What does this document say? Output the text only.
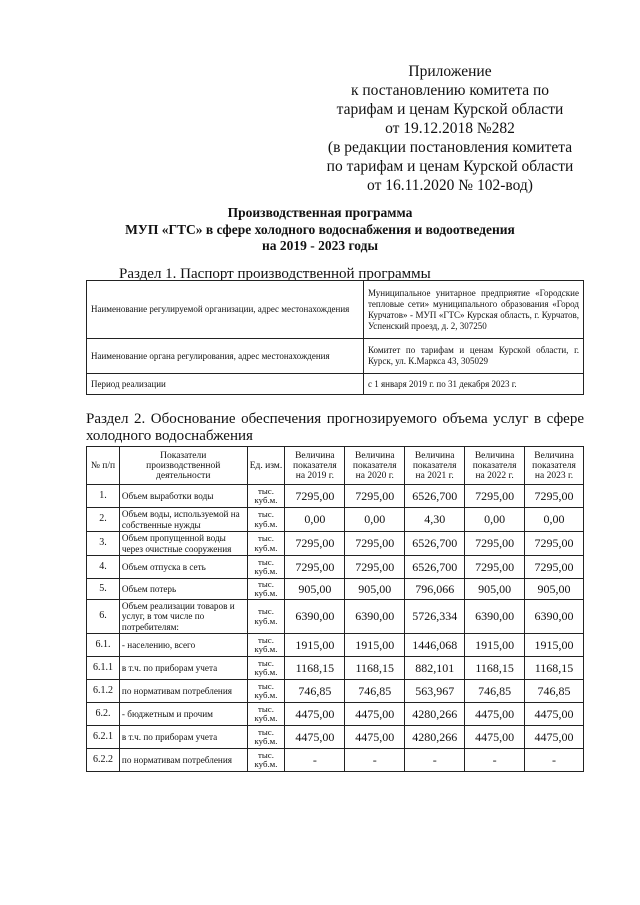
Приложение
к постановлению комитета по
тарифам и ценам Курской области
от 19.12.2018 №282
(в редакции постановления комитета
по тарифам и ценам Курской области
от 16.11.2020 № 102-вод)
Производственная программа
МУП «ГТС» в сфере холодного водоснабжения и водоотведения
на 2019 - 2023 годы
Раздел 1. Паспорт производственной программы
Наименование регулируемой организации, адрес местонахождения	Муниципальное унитарное предприятие «Городские тепловые сети» муниципального образования «Город Курчатов» - МУП «ГТС» Курская область, г. Курчатов, Успенский проезд, д. 2, 307250
Наименование органа регулирования, адрес местонахождения	Комитет по тарифам и ценам Курской области, г. Курск, ул. К.Маркса 43, 305029
Период реализации	с 1 января 2019 г. по 31 декабря 2023 г.
Раздел 2. Обоснование обеспечения прогнозируемого объема услуг в сфере холодного водоснабжения
№ п/п	Показатели производственной деятельности	Ед. изм.	Величина показателя на 2019 г.	Величина показателя на 2020 г.	Величина показателя на 2021 г.	Величина показателя на 2022 г.	Величина показателя на 2023 г.
1.	Объем выработки воды	тыс. куб.м.	7295,00	7295,00	6526,700	7295,00	7295,00
2.	Объем воды, используемой на собственные нужды	тыс. куб.м.	0,00	0,00	4,30	0,00	0,00
3.	Объем пропущенной воды через очистные сооружения	тыс. куб.м.	7295,00	7295,00	6526,700	7295,00	7295,00
4.	Объем отпуска в сеть	тыс. куб.м.	7295,00	7295,00	6526,700	7295,00	7295,00
5.	Объем потерь	тыс. куб.м.	905,00	905,00	796,066	905,00	905,00
6.	Объем реализации товаров и услуг, в том числе по потребителям:	тыс. куб.м.	6390,00	6390,00	5726,334	6390,00	6390,00
6.1.	- населению, всего	тыс. куб.м.	1915,00	1915,00	1446,068	1915,00	1915,00
6.1.1	в т.ч. по приборам учета	тыс. куб.м.	1168,15	1168,15	882,101	1168,15	1168,15
6.1.2	по нормативам потребления	тыс. куб.м.	746,85	746,85	563,967	746,85	746,85
6.2.	- бюджетным и прочим	тыс. куб.м.	4475,00	4475,00	4280,266	4475,00	4475,00
6.2.1	в т.ч. по приборам учета	тыс. куб.м.	4475,00	4475,00	4280,266	4475,00	4475,00
6.2.2	по нормативам потребления	тыс. куб.м.	-	-	-	-	-
